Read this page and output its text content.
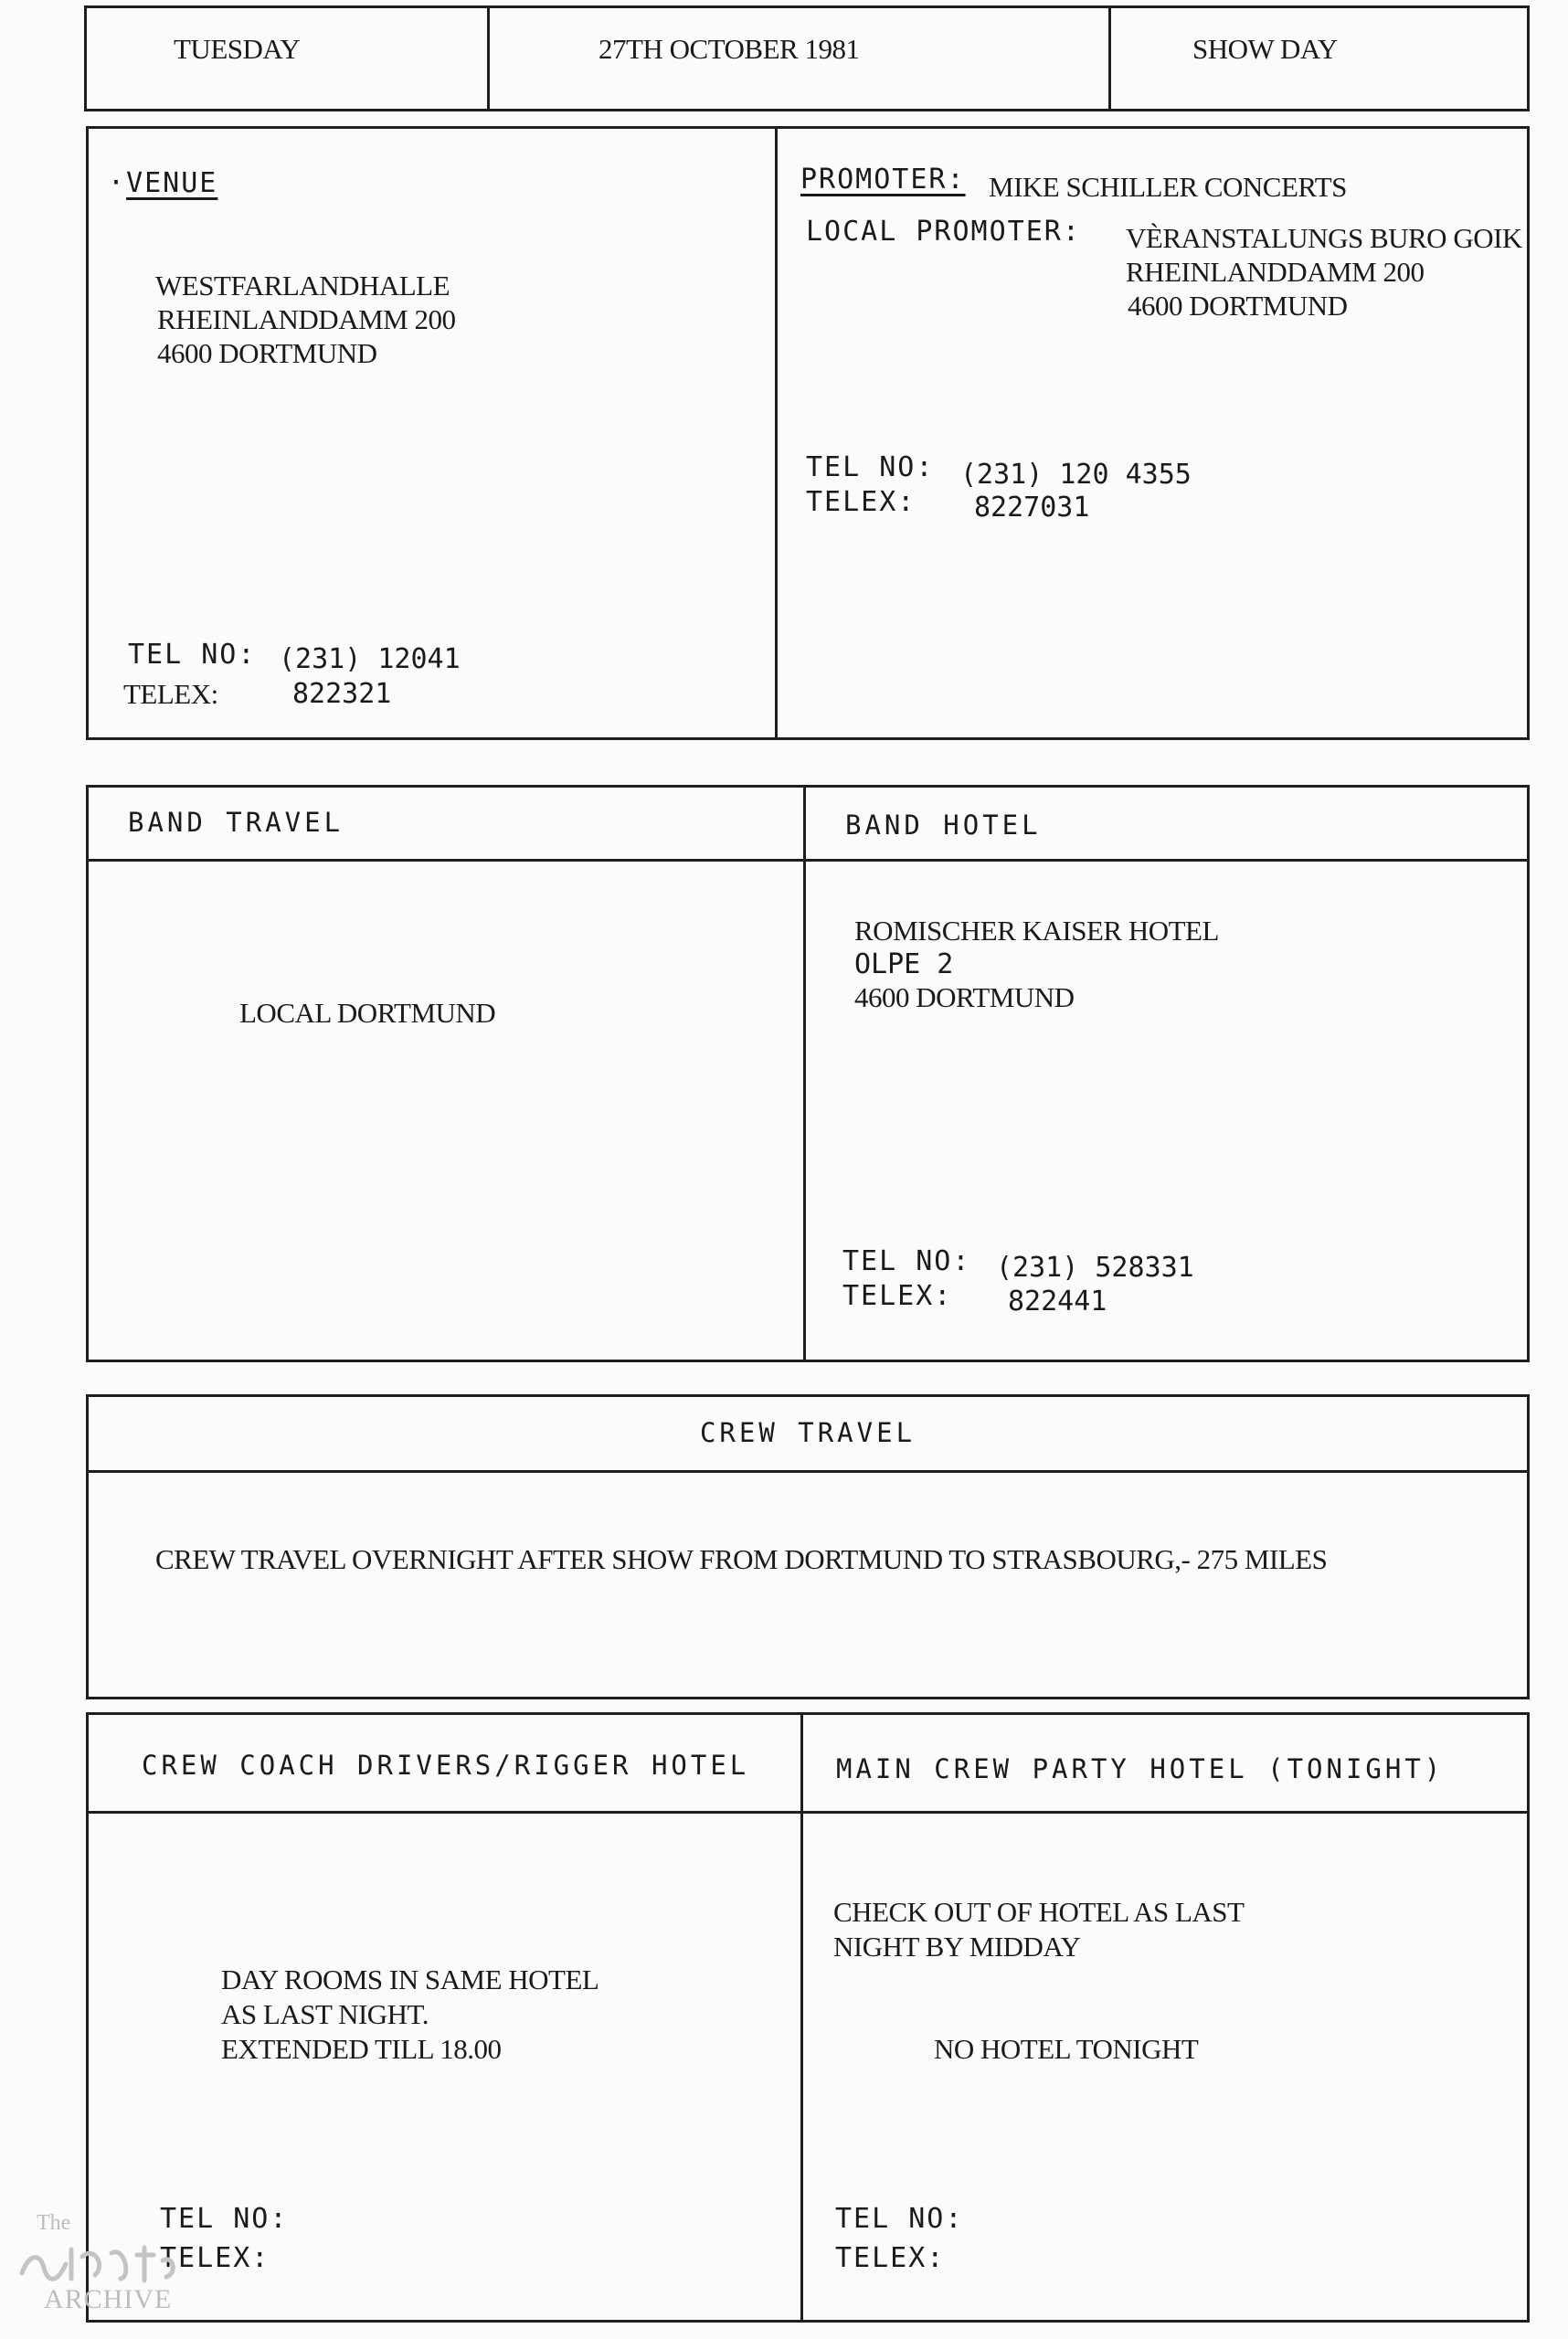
TUESDAY	27TH OCTOBER 1981	SHOW DAY
·VENUE
WESTFARLANDHALLE
RHEINLANDDAMM 200
4600 DORTMUND
TEL NO: (231) 12041
TELEX:	822321
PROMOTER: MIKE SCHILLER CONCERTS
LOCAL PROMOTER: VÈRANSTALUNGS BURO GOIK
RHEINLANDDAMM 200
4600 DORTMUND
TEL NO: (231) 120 4355
TELEX: 8227031
BAND TRAVEL
LOCAL DORTMUND
BAND HOTEL
ROMISCHER KAISER HOTEL
OLPE 2
4600 DORTMUND
TEL NO: (231) 528331
TELEX: 822441
CREW TRAVEL
CREW TRAVEL OVERNIGHT AFTER SHOW FROM DORTMUND TO STRASBOURG,- 275 MILES
CREW COACH DRIVERS/RIGGER HOTEL
DAY ROOMS IN SAME HOTEL
AS LAST NIGHT.
EXTENDED TILL 18.00
TEL NO:
TELEX:
MAIN CREW PARTY HOTEL (TONIGHT)
CHECK OUT OF HOTEL AS LAST
NIGHT BY MIDDAY
NO HOTEL TONIGHT
TEL NO:
TELEX:
The
ARCHIVE
